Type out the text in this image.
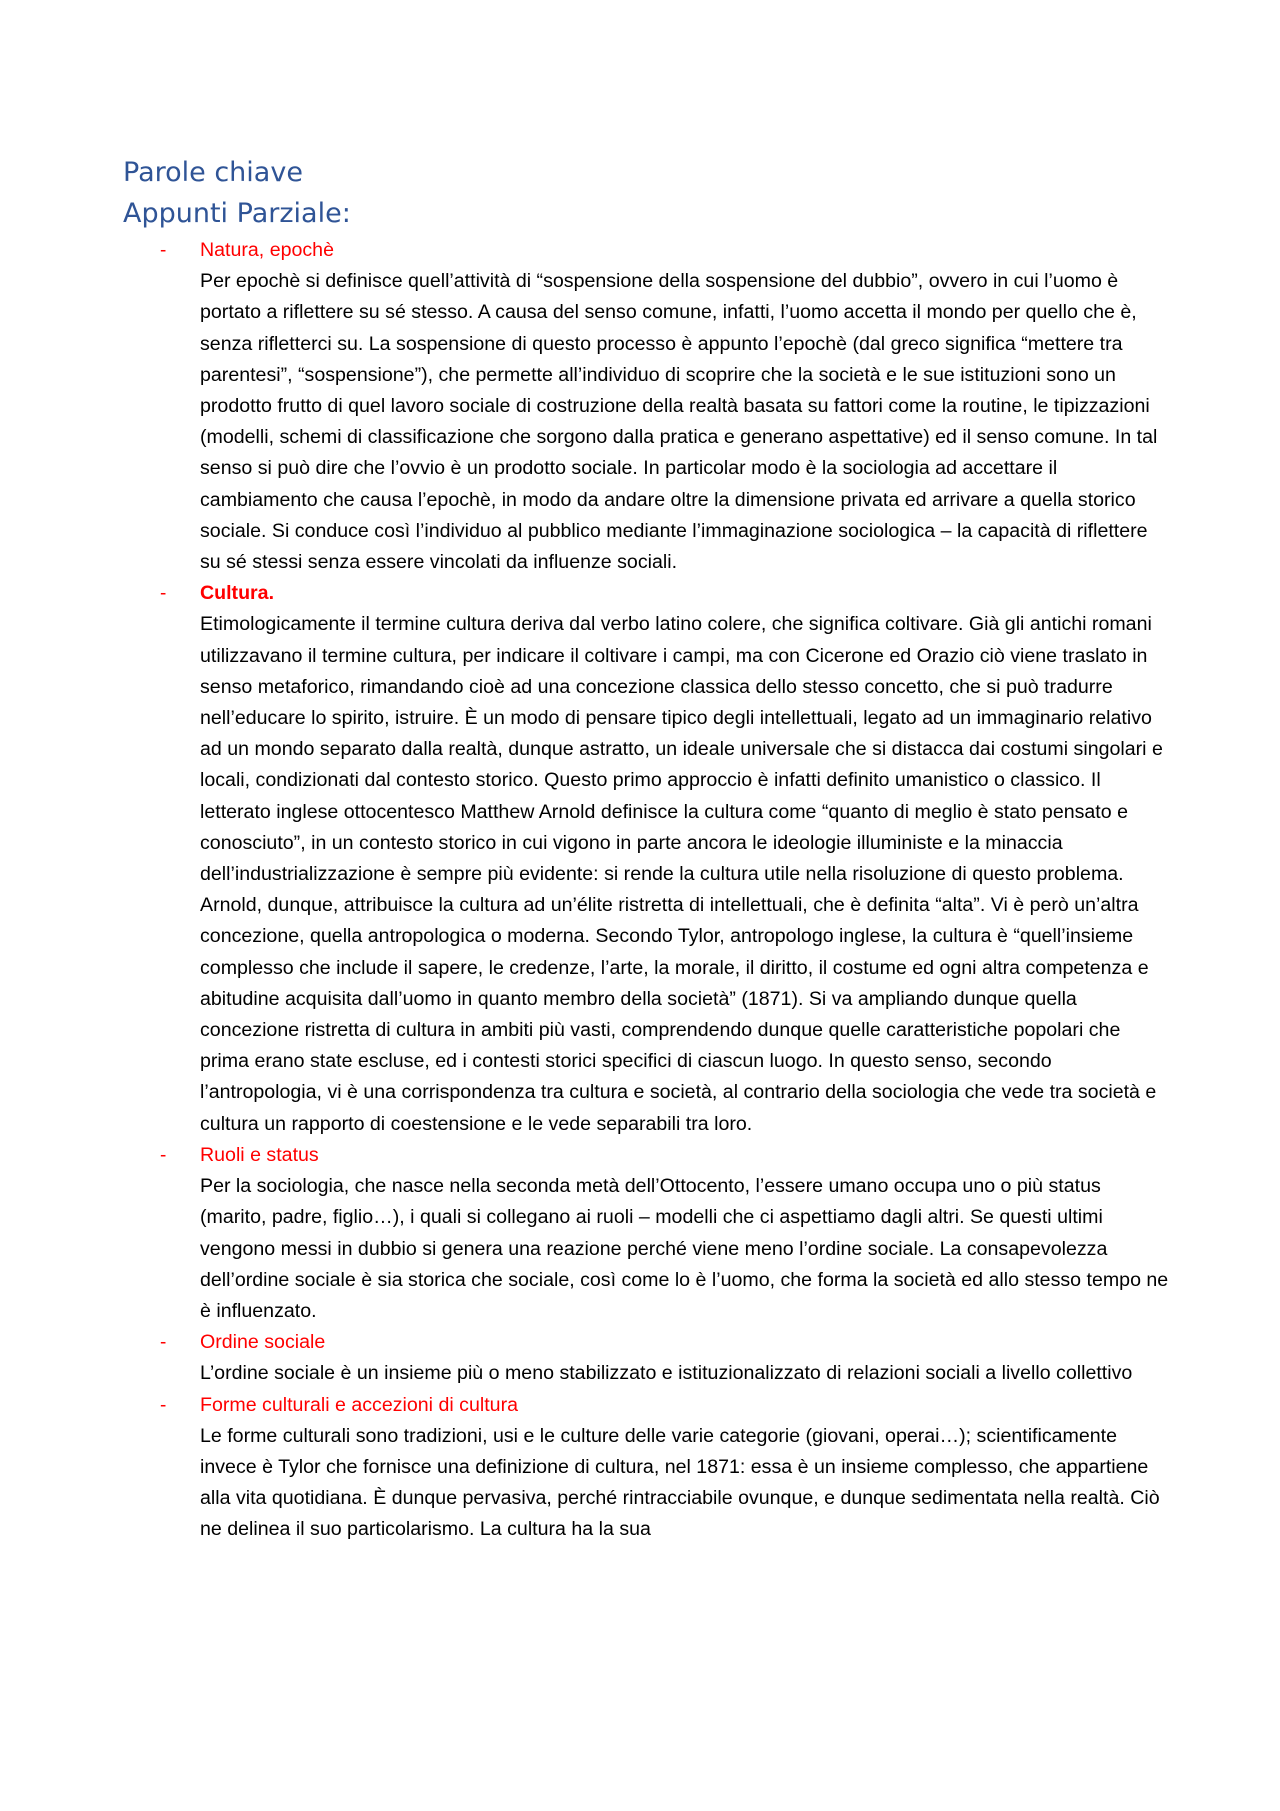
Parole chiave
Appunti Parziale:
- Natura, epochè
Per epochè si definisce quell’attività di “sospensione della sospensione del dubbio”, ovvero in cui l’uomo è portato a riflettere su sé stesso. A causa del senso comune, infatti, l’uomo accetta il mondo per quello che è, senza rifletterci su. La sospensione di questo processo è appunto l’epochè (dal greco significa “mettere tra parentesi”, “sospensione”), che permette all’individuo di scoprire che la società e le sue istituzioni sono un prodotto frutto di quel lavoro sociale di costruzione della realtà basata su fattori come la routine, le tipizzazioni (modelli, schemi di classificazione che sorgono dalla pratica e generano aspettative) ed il senso comune. In tal senso si può dire che l’ovvio è un prodotto sociale. In particolar modo è la sociologia ad accettare il cambiamento che causa l’epochè, in modo da andare oltre la dimensione privata ed arrivare a quella storico sociale. Si conduce così l’individuo al pubblico mediante l’immaginazione sociologica – la capacità di riflettere su sé stessi senza essere vincolati da influenze sociali.
- Cultura.
Etimologicamente il termine cultura deriva dal verbo latino colere, che significa coltivare. Già gli antichi romani utilizzavano il termine cultura, per indicare il coltivare i campi, ma con Cicerone ed Orazio ciò viene traslato in senso metaforico, rimandando cioè ad una concezione classica dello stesso concetto, che si può tradurre nell’educare lo spirito, istruire. È un modo di pensare tipico degli intellettuali, legato ad un immaginario relativo ad un mondo separato dalla realtà, dunque astratto, un ideale universale che si distacca dai costumi singolari e locali, condizionati dal contesto storico. Questo primo approccio è infatti definito umanistico o classico. Il letterato inglese ottocentesco Matthew Arnold definisce la cultura come “quanto di meglio è stato pensato e conosciuto”, in un contesto storico in cui vigono in parte ancora le ideologie illuministe e la minaccia dell’industrializzazione è sempre più evidente: si rende la cultura utile nella risoluzione di questo problema. Arnold, dunque, attribuisce la cultura ad un’élite ristretta di intellettuali, che è definita “alta”. Vi è però un’altra concezione, quella antropologica o moderna. Secondo Tylor, antropologo inglese, la cultura è “quell’insieme complesso che include il sapere, le credenze, l’arte, la morale, il diritto, il costume ed ogni altra competenza e abitudine acquisita dall’uomo in quanto membro della società” (1871). Si va ampliando dunque quella concezione ristretta di cultura in ambiti più vasti, comprendendo dunque quelle caratteristiche popolari che prima erano state escluse, ed i contesti storici specifici di ciascun luogo. In questo senso, secondo l’antropologia, vi è una corrispondenza tra cultura e società, al contrario della sociologia che vede tra società e cultura un rapporto di coestensione e le vede separabili tra loro.
- Ruoli e status
Per la sociologia, che nasce nella seconda metà dell’Ottocento, l’essere umano occupa uno o più status (marito, padre, figlio…), i quali si collegano ai ruoli – modelli che ci aspettiamo dagli altri. Se questi ultimi vengono messi in dubbio si genera una reazione perché viene meno l’ordine sociale. La consapevolezza dell’ordine sociale è sia storica che sociale, così come lo è l’uomo, che forma la società ed allo stesso tempo ne è influenzato.
- Ordine sociale
L’ordine sociale è un insieme più o meno stabilizzato e istituzionalizzato di relazioni sociali a livello collettivo
- Forme culturali e accezioni di cultura
Le forme culturali sono tradizioni, usi e le culture delle varie categorie (giovani, operai…); scientificamente invece è Tylor che fornisce una definizione di cultura, nel 1871: essa è un insieme complesso, che appartiene alla vita quotidiana. È dunque pervasiva, perché rintracciabile ovunque, e dunque sedimentata nella realtà. Ciò ne delinea il suo particolarismo. La cultura ha la sua
